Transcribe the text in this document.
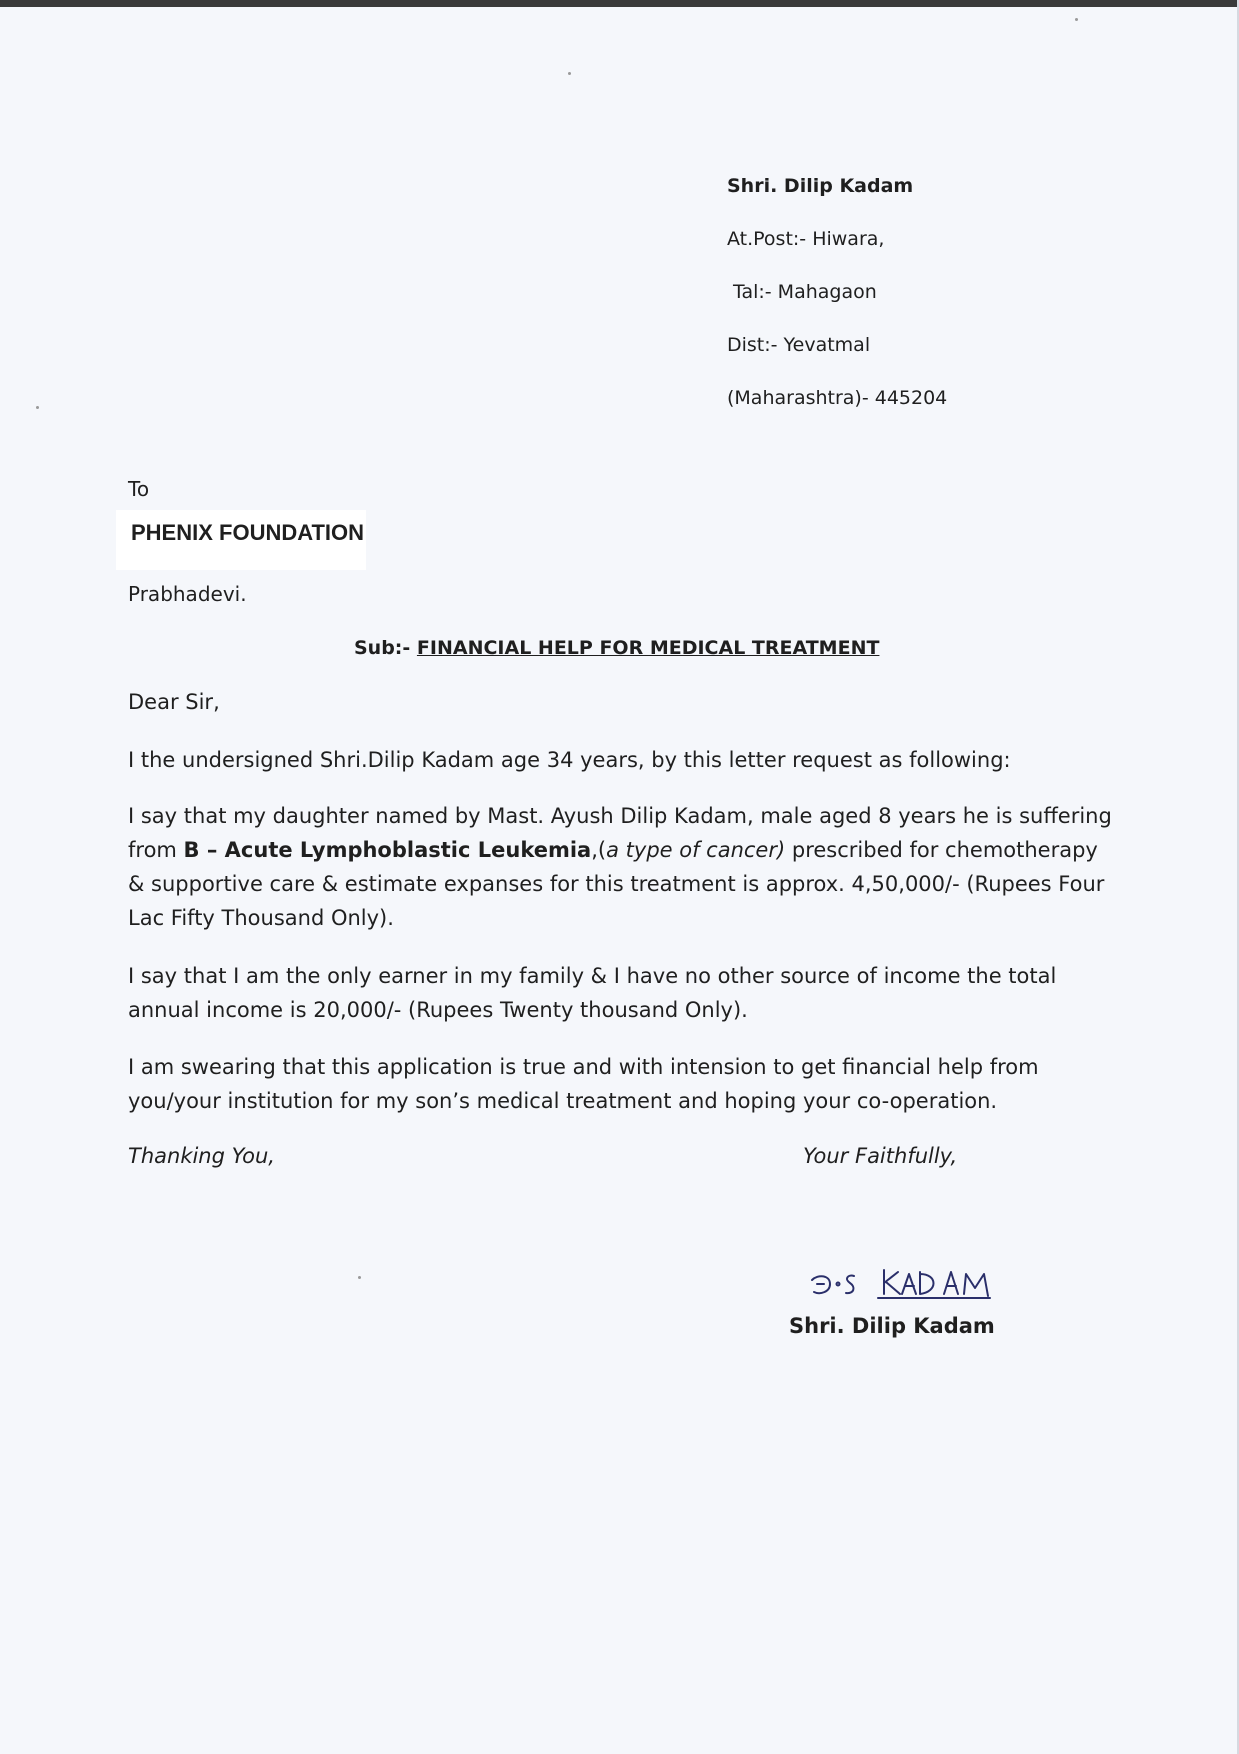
Shri. Dilip Kadam
At.Post:- Hiwara,
Tal:- Mahagaon
Dist:- Yevatmal
(Maharashtra)- 445204
To
PHENIX FOUNDATION
Prabhadevi.
Sub:- FINANCIAL HELP FOR MEDICAL TREATMENT
Dear Sir,
I the undersigned Shri.Dilip Kadam age 34 years, by this letter request as following:
I say that my daughter named by Mast. Ayush Dilip Kadam, male aged 8 years he is suffering from B – Acute Lymphoblastic Leukemia,(a type of cancer) prescribed for chemotherapy & supportive care & estimate expanses for this treatment is approx. 4,50,000/- (Rupees Four Lac Fifty Thousand Only).
I say that I am the only earner in my family & I have no other source of income the total annual income is 20,000/- (Rupees Twenty thousand Only).
I am swearing that this application is true and with intension to get financial help from you/your institution for my son’s medical treatment and hoping your co-operation.
Thanking You,	Your Faithfully,
Shri. Dilip Kadam
